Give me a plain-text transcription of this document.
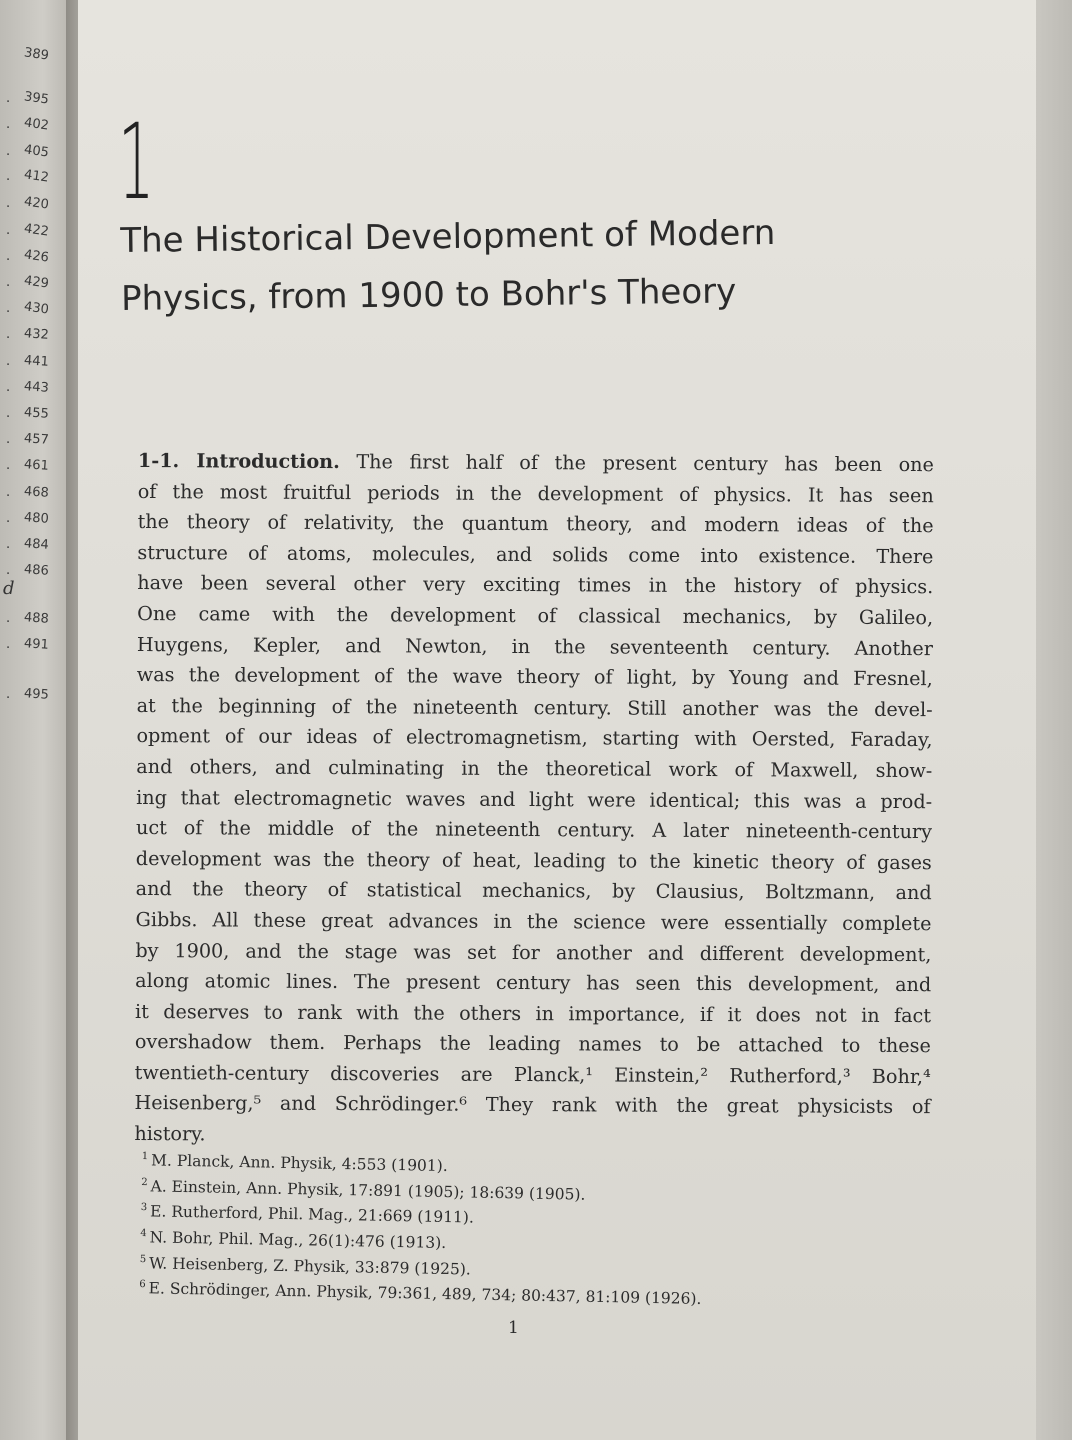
389
395
.
402
.
405
.
412
.
420
.
422
.
426
.
429
.
430
.
432
.
441
.
443
.
455
.
457
.
461
.
468
.
480
.
484
.
486
.
488
.
491
.
495
.
d
1
The Historical Development of Modern
Physics, from 1900 to Bohr's Theory
1-1. Introduction. The first half of the present century has been one
of the most fruitful periods in the development of physics. It has seen
the theory of relativity, the quantum theory, and modern ideas of the
structure of atoms, molecules, and solids come into existence. There
have been several other very exciting times in the history of physics.
One came with the development of classical mechanics, by Galileo,
Huygens, Kepler, and Newton, in the seventeenth century. Another
was the development of the wave theory of light, by Young and Fresnel,
at the beginning of the nineteenth century. Still another was the devel-
opment of our ideas of electromagnetism, starting with Oersted, Faraday,
and others, and culminating in the theoretical work of Maxwell, show-
ing that electromagnetic waves and light were identical; this was a prod-
uct of the middle of the nineteenth century. A later nineteenth-century
development was the theory of heat, leading to the kinetic theory of gases
and the theory of statistical mechanics, by Clausius, Boltzmann, and
Gibbs. All these great advances in the science were essentially complete
by 1900, and the stage was set for another and different development,
along atomic lines. The present century has seen this development, and
it deserves to rank with the others in importance, if it does not in fact
overshadow them. Perhaps the leading names to be attached to these
twentieth-century discoveries are Planck,¹ Einstein,² Rutherford,³ Bohr,⁴
Heisenberg,⁵ and Schrödinger.⁶ They rank with the great physicists of
history.
$^1$ M. Planck, Ann. Physik, 4:553 (1901).
$^2$ A. Einstein, Ann. Physik, 17:891 (1905); 18:639 (1905).
$^3$ E. Rutherford, Phil. Mag., 21:669 (1911).
$^4$ N. Bohr, Phil. Mag., 26(1):476 (1913).
$^5$ W. Heisenberg, Z. Physik, 33:879 (1925).
$^6$ E. Schrödinger, Ann. Physik, 79:361, 489, 734; 80:437, 81:109 (1926).
1
